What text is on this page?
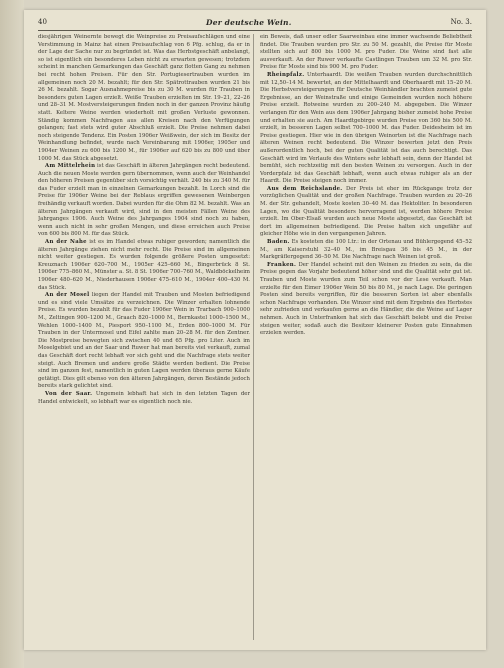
40	Der deutsche Wein.	No. 3.

diesjährigen Weinernte bewegt die Weinpreise zu Preisaufschlägen und eine Verstimmung in Mainz hat einen Preisaufschlag von 6 Pfg. schlug, da er in der Lage der Sache nur zu begründet ist. Was das Herbstgeschäft anbelangt, so ist eigentlich ein besonderes Leben nicht zu erwarten gewesen; trotzdem scheint in manchen Gemarkungen das Geschäft ganz flotten Gang zu nehmen bei recht hohen Preisen. Für den Str. Portugiesertrauben wurden im allgemeinen noch 20 M. bezahlt; für den Str. Spätrottrauben wurden 21 bis 26 M. bezahlt. Sogar Ausnahmepreise bis zu 30 M. wurden für Trauben in besonders guten Lagen erzielt. Weiße Trauben erzielten im Str. 19–21, 22–26 und 28–31 M. Mostversteigerungen finden noch in der ganzen Provinz häufig statt. Keltere Weine werden wiederholt mit großen Verluste gewonnen. Ständig kommen Nachfragen aus allen Kreisen nach den Verfügungen gelangen; fast stets wird guter Abschluß erzielt. Die Preise nehmen dabei noch steigende Tendenz. Ein Posten 1906er Weißwein, der sich im Besitz der Weinhandlung befindet, wurde nach Vereinbarung mit 1906er, 1905er und 1904er Weinen zu 600 bis 1200 M., für 1906er auf 620 bis zu 800 und über 1000 M. das Stück abgesetzt.

Am Mittelrhein ist das Geschäft in älteren Jahrgängen recht bedeutend. Auch die neuen Moste werden gern übernommen, wenn auch der Weinhandel den höheren Preisen gegenüber sich vorsichtig verhält. 240 bis zu 340 M. für das Fuder erzielt man in einzelnen Gemarkungen bezahlt. In Lorch sind die Preise für 1906er Weine bei der Reblaus ergriffen gewesenen Weinbergen freihändig verkauft worden. Dabei wurden für die Ohm 82 M. bezahlt. Was an älteren Jahrgängen verkauft wird, sind in den meisten Fällen Weine des Jahrganges 1906. Auch Weine des Jahrganges 1904 sind noch zu haben, wenn auch nicht in sehr großen Mengen, und diese erreichen auch Preise von 600 bis 800 M. für das Stück.

An der Nahe ist es im Handel etwas ruhiger geworden; namentlich die älteren Jahrgänge ziehen nicht mehr recht. Die Preise sind im allgemeinen nicht weiter gestiegen. Es wurden folgende größere Posten umgesetzt: Kreuznach 1906er 620–700 M., 1905er 425–660 M., Bingerbrück 8 St. 1906er 775–860 M., Münster a. St. 8 St. 1906er 700–760 M., Waldböckelheim 1906er 480–620 M., Niederhausen 1906er 475–610 M., 1904er 400–430 M. das Stück.

An der Mosel liegen der Handel mit Trauben und Mosten befriedigend und es sind viele Umsätze zu verzeichnen. Die Winzer erhalten lohnende Preise. Es wurden bezahlt für das Fuder 1906er Wein in Trarbach 900–1000 M., Zeltingen 900–1200 M., Graach 820–1000 M., Bernkastel 1000–1500 M., Wehlen 1000–1400 M., Piesport 950–1100 M., Erden 800–1000 M. Für Trauben in der Untermosel und Eifel zahlte man 20–28 M. für den Zentner. Die Mostpreise bewegten sich zwischen 40 und 65 Pfg. pro Liter. Auch im Moselgebiet und an der Saar und Ruwer hat man bereits viel verkauft, zumal das Geschäft dort recht lebhaft vor sich geht und die Nachfrage stets weiter steigt. Auch Bremen und andere große Städte werden bedient. Die Preise sind im ganzen fest, namentlich in guten Lagen werden überaus gerne Käufe getätigt. Dies gilt ebenso von den älteren Jahrgängen, deren Bestände jedoch bereits stark gelichtet sind.

Von der Saar. Ungemein lebhaft hat sich in den letzten Tagen der Handel entwickelt, so lebhaft war es eigentlich noch nie.

ein Beweis, daß unser edler Saarweinbau eine immer wachsende Beliebtheit findet. Die Trauben wurden pro Str. zu 50 M. gezahlt, die Preise für Moste stellten sich auf 800 bis 1000 M. pro Fuder. Die Weine sind fast alle ausverkauft. An der Ruwer verkaufte Castlingen Trauben um 32 M. pro Str. Preise für Moste sind bis 900 M. pro Fuder.

Rheinpfalz. Unterhaardt. Die weißen Trauben wurden durchschnittlich mit 12,50–14 M. bewertet, an der Mittelhaardt und Oberhaardt mit 15–20 M. Die Herbstversteigerungen für Deutsche Weinhändler brachten zumeist gute Ergebnisse, an der Weinstraße und einige Gemeinden wurden noch höhere Preise erzielt. Rotweine wurden zu 200–240 M. abgegeben. Die Winzer verlangen für den Wein aus dem 1906er Jahrgang bisher zumeist hohe Preise und erhalten sie auch. Am Haardtgebirge wurden Preise von 360 bis 500 M. erzielt, in besseren Lagen selbst 700–1000 M. das Fuder. Deidesheim ist im Preise gestiegen. Hier wie in den übrigen Weinorten ist die Nachfrage nach älteren Weinen recht bedeutend. Die Winzer bewerten jetzt den Preis außerordentlich hoch, bei der guten Qualität ist das auch berechtigt. Das Geschäft wird im Verlaufe des Winters sehr lebhaft sein, denn der Handel ist bemüht, sich rechtzeitig mit den besten Weinen zu versorgen. Auch in der Vorderpfalz ist das Geschäft lebhaft, wenn auch etwas ruhiger als an der Haardt. Die Preise steigen noch immer.

Aus dem Reichslande. Der Preis ist eher im Rückgange trotz der vorzüglichen Qualität und der großen Nachfrage. Trauben wurden zu 20–26 M. der Str. gehandelt, Moste kosten 30–40 M. das Hektoliter. In besonderen Lagen, wo die Qualität besonders hervorragend ist, werden höhere Preise erzielt. Im Ober-Elsaß wurden auch neue Moste abgesetzt, das Geschäft ist dort im allgemeinen befriedigend. Die Preise halten sich ungefähr auf gleicher Höhe wie in den vergangenen Jahren.

Baden. Es kosteten die 100 Ltr.: in der Ortenau und Bühlergegend 45–52 M., am Kaiserstuhl 32–40 M., im Breisgau 36 bis 45 M., in der Markgräflergegend 36–50 M. Die Nachfrage nach Weinen ist groß.

Franken. Der Handel scheint mit den Weinen zu frieden zu sein, da die Preise gegen das Vorjahr bedeutend höher sind und die Qualität sehr gut ist. Trauben und Moste wurden zum Teil schon vor der Lese verkauft. Man erzielte für den Eimer 1906er Wein 50 bis 80 M., je nach Lage. Die geringen Posten sind bereits vergriffen, für die besseren Sorten ist aber ebenfalls schon Nachfrage vorhanden. Die Winzer sind mit dem Ergebnis des Herbstes sehr zufrieden und verkaufen gerne an die Händler, die die Weine auf Lager nehmen. Auch in Unterfranken hat sich das Geschäft belebt und die Preise steigen weiter, sodaß auch die Besitzer kleinerer Posten gute Einnahmen erzielen werden.
